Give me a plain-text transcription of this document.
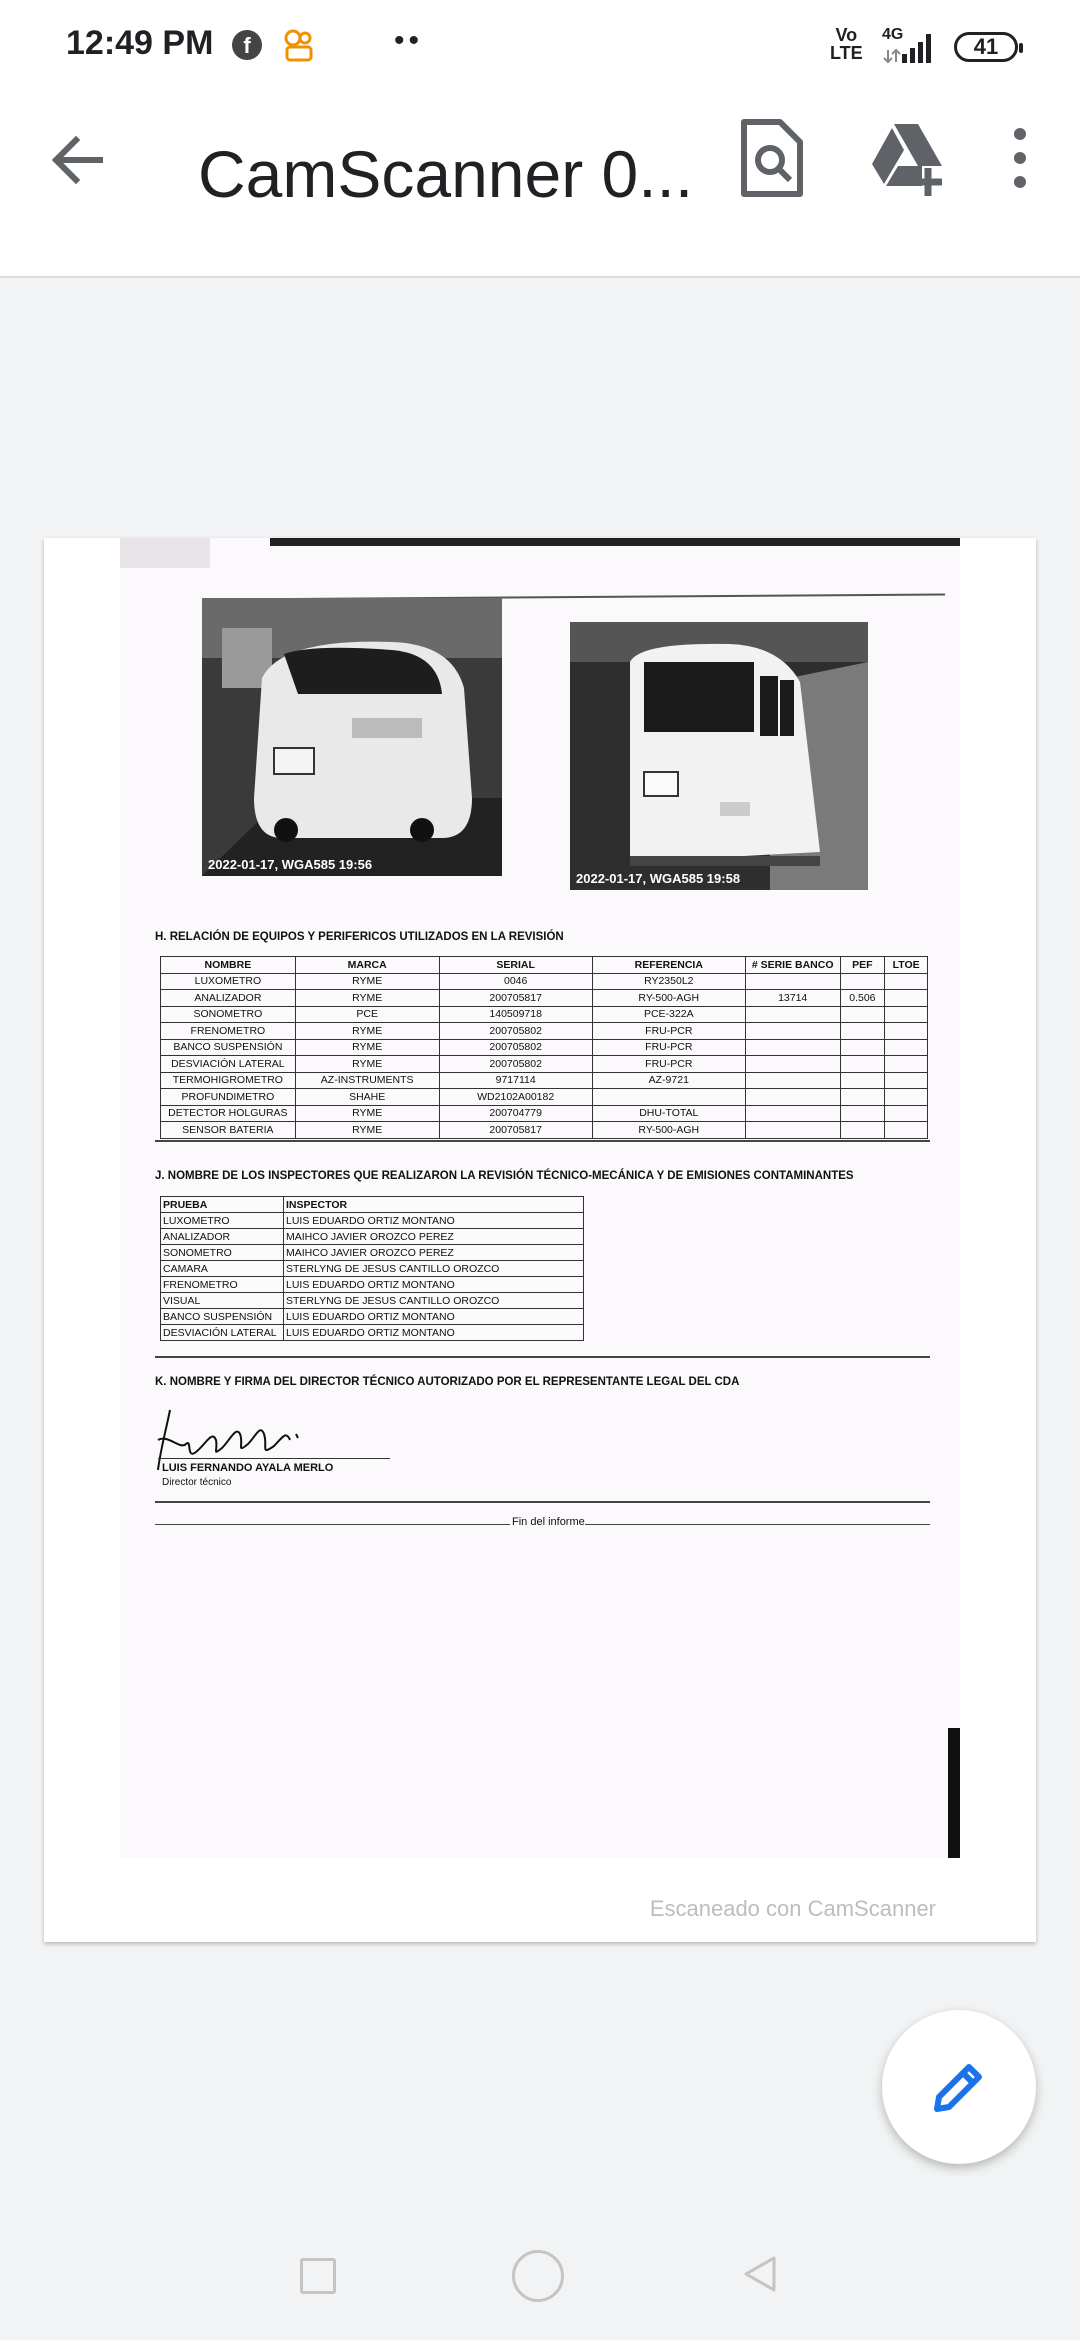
12:49 PM	f	••	Vo
LTE
4G	41
CamScanner 0...
2022-01-17, WGA585 19:56
2022-01-17, WGA585 19:58
H. RELACIÓN DE EQUIPOS Y PERIFERICOS UTILIZADOS EN LA REVISIÓN
NOMBRE	MARCA	SERIAL	REFERENCIA	# SERIE BANCO	PEF	LTOE
LUXOMETRO	RYME	0046	RY2350L2			
ANALIZADOR	RYME	200705817	RY-500-AGH	13714	0.506	
SONOMETRO	PCE	140509718	PCE-322A			
FRENOMETRO	RYME	200705802	FRU-PCR			
BANCO SUSPENSIÓN	RYME	200705802	FRU-PCR			
DESVIACIÓN LATERAL	RYME	200705802	FRU-PCR			
TERMOHIGROMETRO	AZ-INSTRUMENTS	9717114	AZ-9721			
PROFUNDIMETRO	SHAHE	WD2102A00182				
DETECTOR HOLGURAS	RYME	200704779	DHU-TOTAL			
SENSOR BATERIA	RYME	200705817	RY-500-AGH			
J. NOMBRE DE LOS INSPECTORES QUE REALIZARON LA REVISIÓN TÉCNICO-MECÁNICA Y DE EMISIONES CONTAMINANTES
PRUEBA	INSPECTOR
LUXOMETRO	LUIS EDUARDO ORTIZ MONTANO
ANALIZADOR	MAIHCO JAVIER OROZCO PEREZ
SONOMETRO	MAIHCO JAVIER OROZCO PEREZ
CAMARA	STERLYNG DE JESUS CANTILLO OROZCO
FRENOMETRO	LUIS EDUARDO ORTIZ MONTANO
VISUAL	STERLYNG DE JESUS CANTILLO OROZCO
BANCO SUSPENSIÓN	LUIS EDUARDO ORTIZ MONTANO
DESVIACIÓN LATERAL	LUIS EDUARDO ORTIZ MONTANO
K. NOMBRE Y FIRMA DEL DIRECTOR TÉCNICO AUTORIZADO POR EL REPRESENTANTE LEGAL DEL CDA
LUIS FERNANDO AYALA MERLO
Director técnico
Fin del informe
Escaneado con CamScanner
